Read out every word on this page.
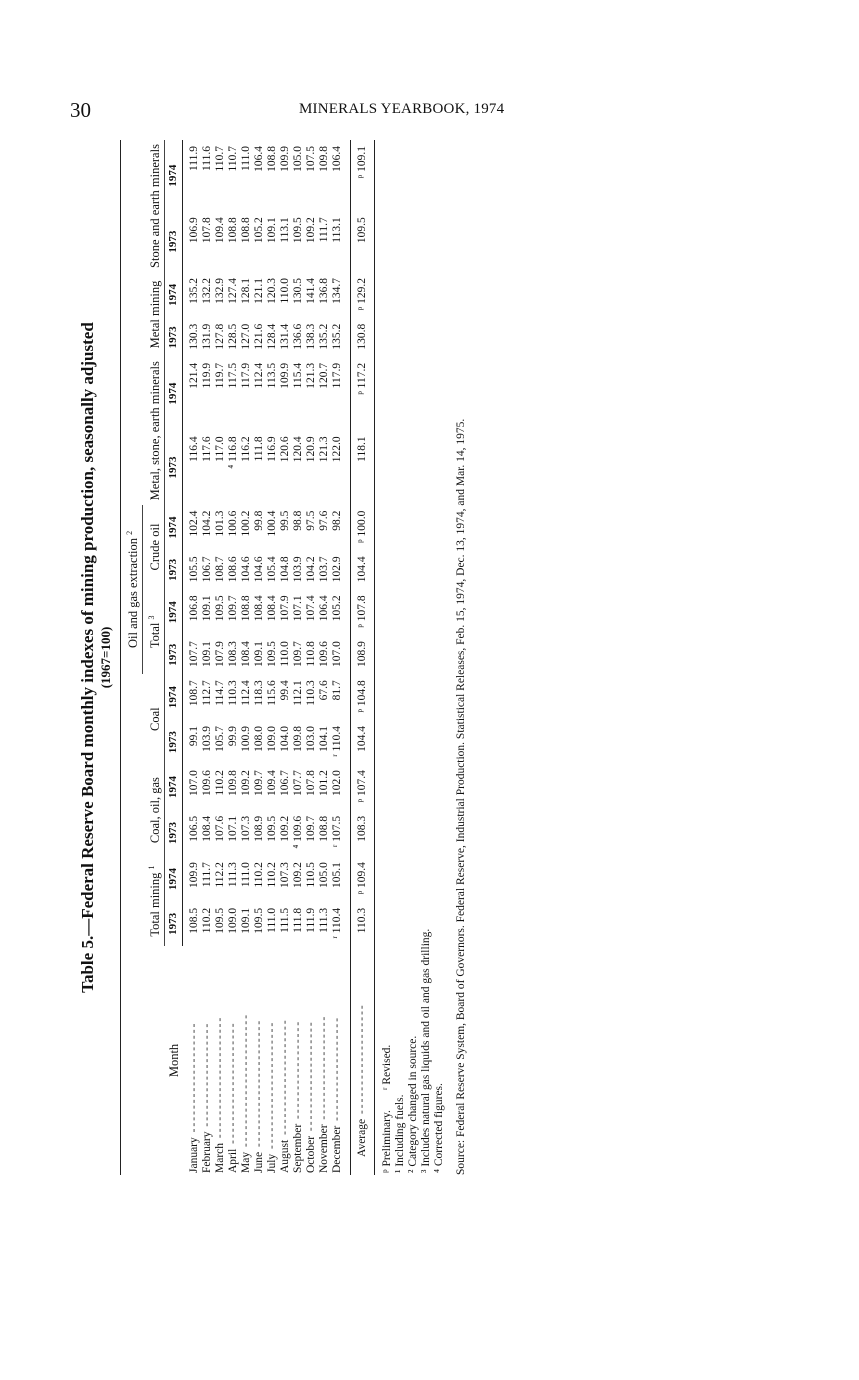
30	MINERALS YEARBOOK, 1974
Table 5.—Federal Reserve Board monthly indexes of mining production, seasonally adjusted (1967=100)
Month	Total mining $^1$		Coal, oil, gas		Coal		Oil and gas extraction $^2$				Metal, stone, earth minerals		Metal mining		Stone and earth minerals	
							Total $^3$		Crude oil							
	1973	1974	1973	1974	1973	1974	1973	1974	1973	1974	1973	1974	1973	1974	1973	1974
January -------------------	108.5	109.9	106.5	107.0	99.1	108.7	107.7	106.8	105.5	102.4	116.4	121.4	130.3	135.2	106.9	111.9
February ------------------	110.2	111.7	108.4	109.6	103.9	112.7	109.1	109.1	106.7	104.2	117.6	119.9	131.9	132.2	107.8	111.6
March ---------------------	109.5	112.2	107.6	110.2	105.7	114.7	107.9	109.5	108.7	101.3	117.0	119.7	127.8	132.9	109.4	110.7
April ---------------------	109.0	111.3	107.1	109.8	99.9	110.3	108.3	109.7	108.6	100.6	⁴ 116.8	117.5	128.5	127.4	108.8	110.7
May -----------------------	109.1	111.0	107.3	109.2	100.9	112.4	108.4	108.8	104.6	100.2	116.2	117.9	127.0	128.1	108.8	111.0
June ----------------------	109.5	110.2	108.9	109.7	108.0	118.3	109.1	108.4	104.6	99.8	111.8	112.4	121.6	121.1	105.2	106.4
July ----------------------	111.0	110.2	109.5	109.4	109.0	115.6	109.5	108.4	105.4	100.4	116.9	113.5	128.4	120.3	109.1	108.8
August --------------------	111.5	107.3	109.2	106.7	104.0	99.4	110.0	107.9	104.8	99.5	120.6	109.9	131.4	110.0	113.1	109.9
September -----------------	111.8	109.2	⁴ 109.6	107.7	109.8	112.1	109.7	107.1	103.9	98.8	120.4	115.4	136.6	130.5	109.5	105.0
October -------------------	111.9	110.5	109.7	107.8	103.0	110.3	110.8	107.4	104.2	97.5	120.9	121.3	138.3	141.4	109.2	107.5
November ------------------	111.3	105.0	108.8	101.2	104.1	67.6	109.6	106.4	103.7	97.6	121.3	120.7	135.2	136.8	111.7	109.8
December ------------------	ʳ 110.4	105.1	ʳ 107.5	102.0	ʳ 110.4	81.7	107.0	105.2	102.9	98.2	122.0	117.9	135.2	134.7	113.1	106.4
Average -------------------	110.3	ᵖ 109.4	108.3	ᵖ 107.4	104.4	ᵖ 104.8	108.9	ᵖ 107.8	104.4	ᵖ 100.0	118.1	ᵖ 117.2	130.8	ᵖ 129.2	109.5	ᵖ 109.1
ᵖ Preliminary.       ʳ Revised.
¹ Including fuels. ² Category changed in source. ³ Includes natural gas liquids and oil and gas drilling. ⁴ Corrected figures. Source: Federal Reserve System, Board of Governors. Federal Reserve, Industrial Production. Statistical Releases, Feb. 15, 1974, Dec. 13, 1974, and Mar. 14, 1975.
